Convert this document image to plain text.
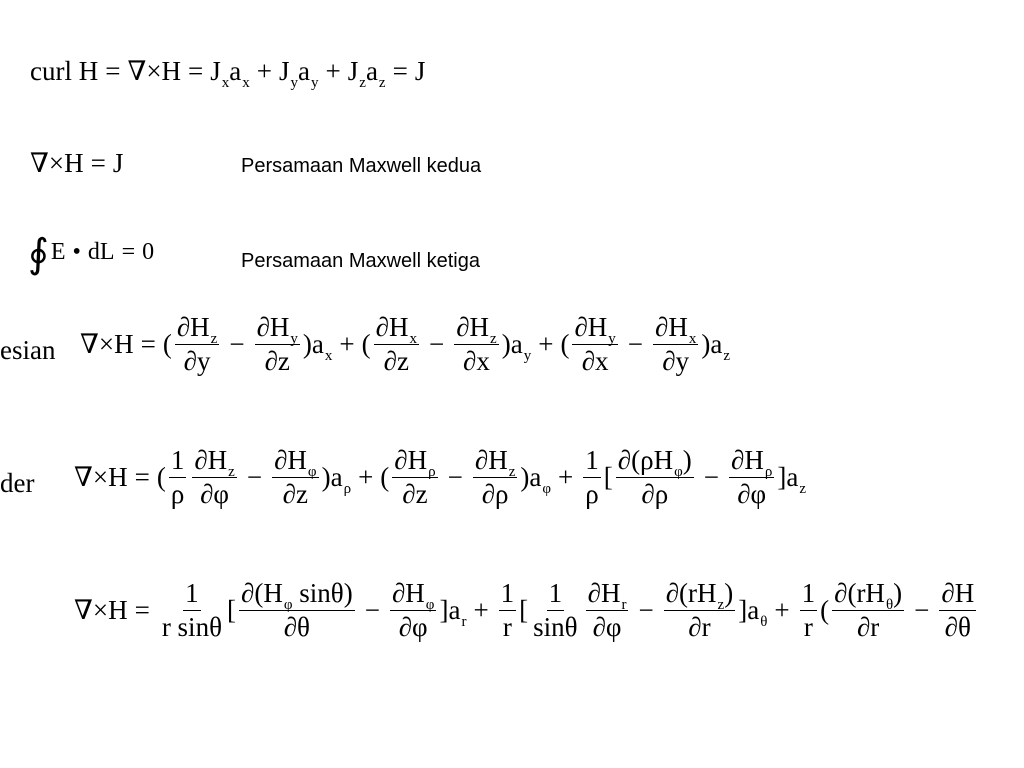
curl $H = \nabla\times H = J_xa_x + J_ya_y + J_za_z = J$
∇×H = J	Persamaan Maxwell kedua
∮ E • dL = 0	Persamaan Maxwell ketiga
esian ∇×H = ( $\frac{\partial H_z}{\partial y} - \frac{\partial H_y}{\partial z} )a_x$ + ( $\frac{\partial H_x}{\partial z} - \frac{\partial H_z}{\partial x} )a_y$ + ( $\frac{\partial H_y}{\partial x} - \frac{\partial H_x}{\partial y} )a_z$
der ∇×H = ( $\frac{1}{\rho} \frac{\partial H_z}{\partial\varphi} - \frac{\partial H_\varphi}{\partial z} )a_\rho$ + ( $\frac{\partial H_\rho}{\partial z} - \frac{\partial H_z}{\partial\rho} )a_\varphi + \frac{1}{\rho}$ [ $\frac{\partial(\rho H_\varphi)}{\partial\rho} - \frac{\partial H_\rho}{\partial\varphi} ]a_z$
$\nabla\times H = \frac{1}{\text{r sinθ}}$ [ $\frac{\partial(H_\varphi \sin\theta)}{\partial\theta} - \frac{\partial H_\varphi}{\partial\varphi} ]a_r + \frac{1}{r}$ [ $\frac{1}{\sin\theta} \frac{\partial H_r}{\partial\varphi} - \frac{\partial(rH_z)}{\partial r} ]a_\theta + \frac{1}{r}$ ( $\frac{\partial(rH_\theta)}{\partial r} - \frac{\partial H}{\partial\theta}$
